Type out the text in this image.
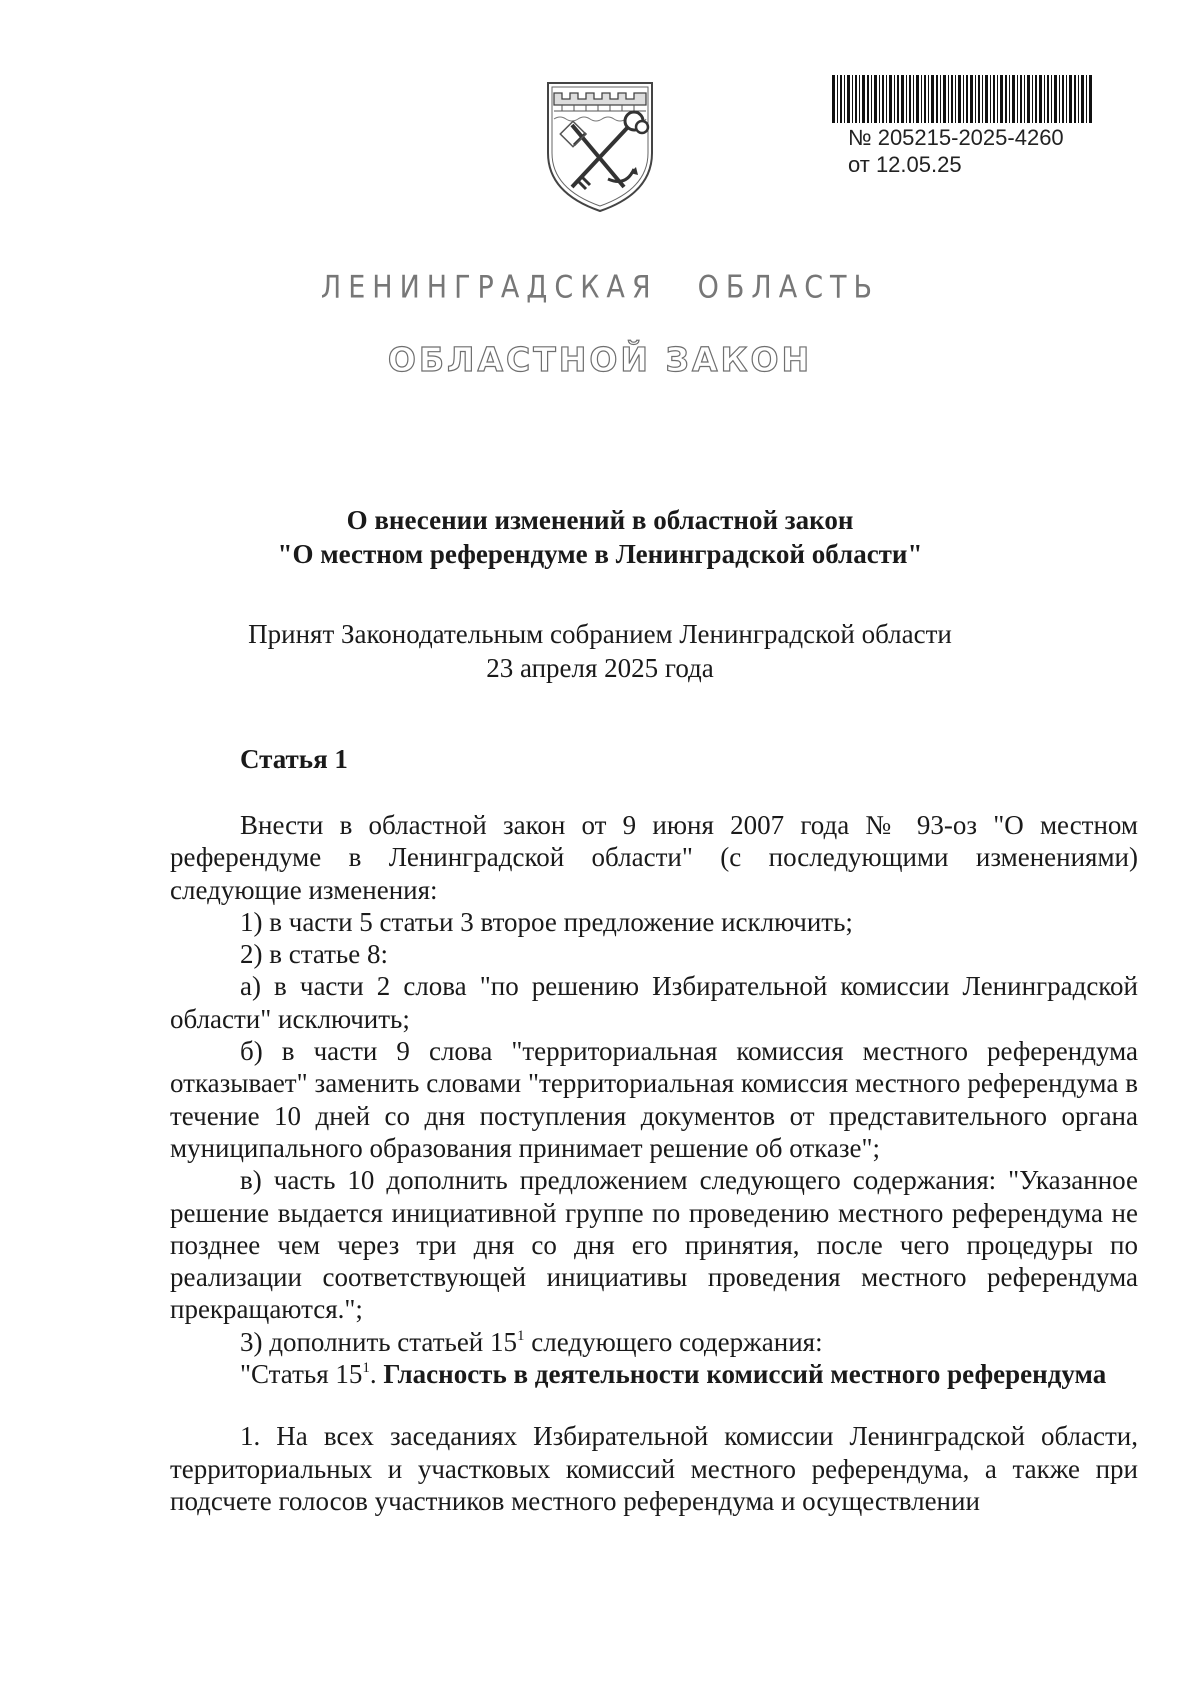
№ 205215-2025-4260
от 12.05.25
ЛЕНИНГРАДСКАЯ ОБЛАСТЬ
ОБЛАСТНОЙ ЗАКОН
О внесении изменений в областной закон
"О местном референдуме в Ленинградской области"
Принят Законодательным собранием Ленинградской области
23 апреля 2025 года
Статья 1

Внести в областной закон от 9 июня 2007 года № 93-оз "О местном референдуме в Ленинградской области" (с последующими изменениями) следующие изменения:

1) в части 5 статьи 3 второе предложение исключить;

2) в статье 8:

а) в части 2 слова "по решению Избирательной комиссии Ленинградской области" исключить;

б) в части 9 слова "территориальная комиссия местного референдума отказывает" заменить словами "территориальная комиссия местного референдума в течение 10 дней со дня поступления документов от представительного органа муниципального образования принимает решение об отказе";

в) часть 10 дополнить предложением следующего содержания: "Указанное решение выдается инициативной группе по проведению местного референдума не позднее чем через три дня со дня его принятия, после чего процедуры по реализации соответствующей инициативы проведения местного референдума прекращаются.";

3) дополнить статьей $15^1$ следующего содержания:

"Статья $15^1$. Гласность в деятельности комиссий местного референдума

1. На всех заседаниях Избирательной комиссии Ленинградской области, территориальных и участковых комиссий местного референдума, а также при подсчете голосов участников местного референдума и осуществлении
